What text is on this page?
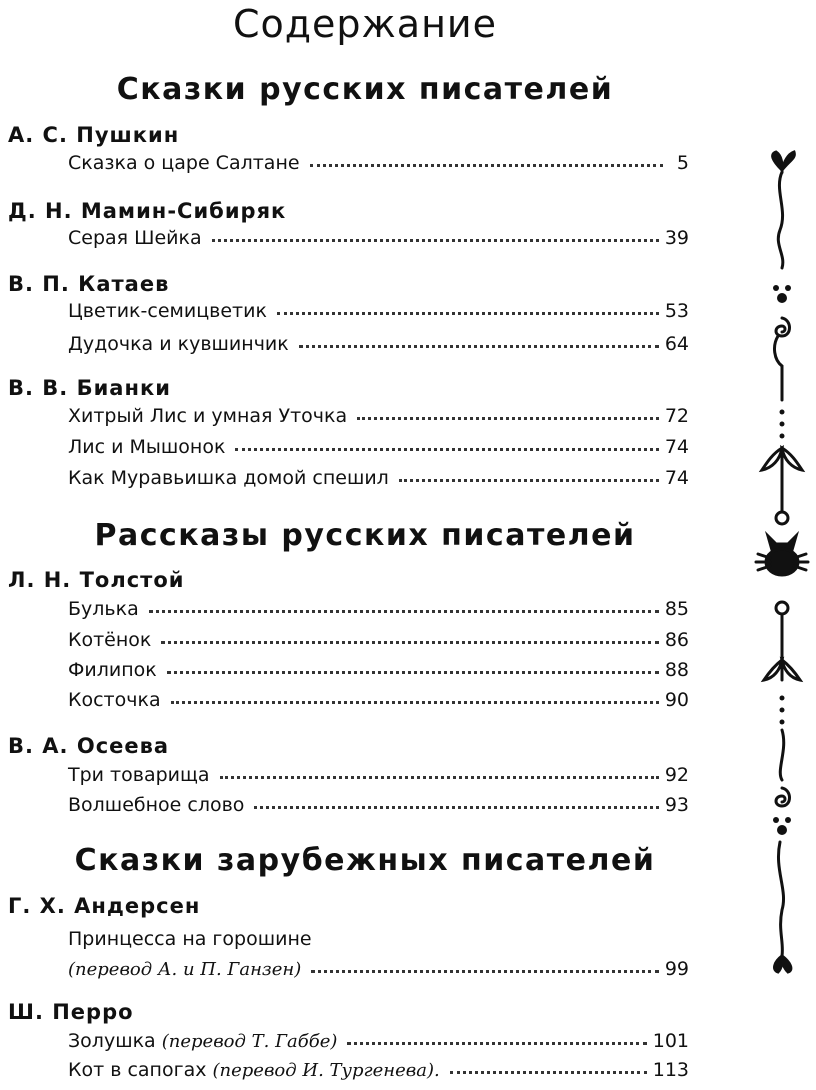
Содержание
Сказки русских писателей
А. С. Пушкин
Сказка о царе Салтане	5
Д. Н. Мамин-Сибиряк
Серая Шейка	39
В. П. Катаев
Цветик-семицветик	53
Дудочка и кувшинчик	64
В. В. Бианки
Хитрый Лис и умная Уточка	72
Лис и Мышонок	74
Как Муравьишка домой спешил	74
Рассказы русских писателей
Л. Н. Толстой
Булька	85
Котёнок	86
Филипок	88
Косточка	90
В. А. Осеева
Три товарища	92
Волшебное слово	93
Сказки зарубежных писателей
Г. Х. Андерсен
Принцесса на горошине
(перевод А. и П. Ганзен)	99
Ш. Перро
Золушка (перевод Т. Габбе)	101
Кот в сапогах (перевод И. Тургенева).	113
